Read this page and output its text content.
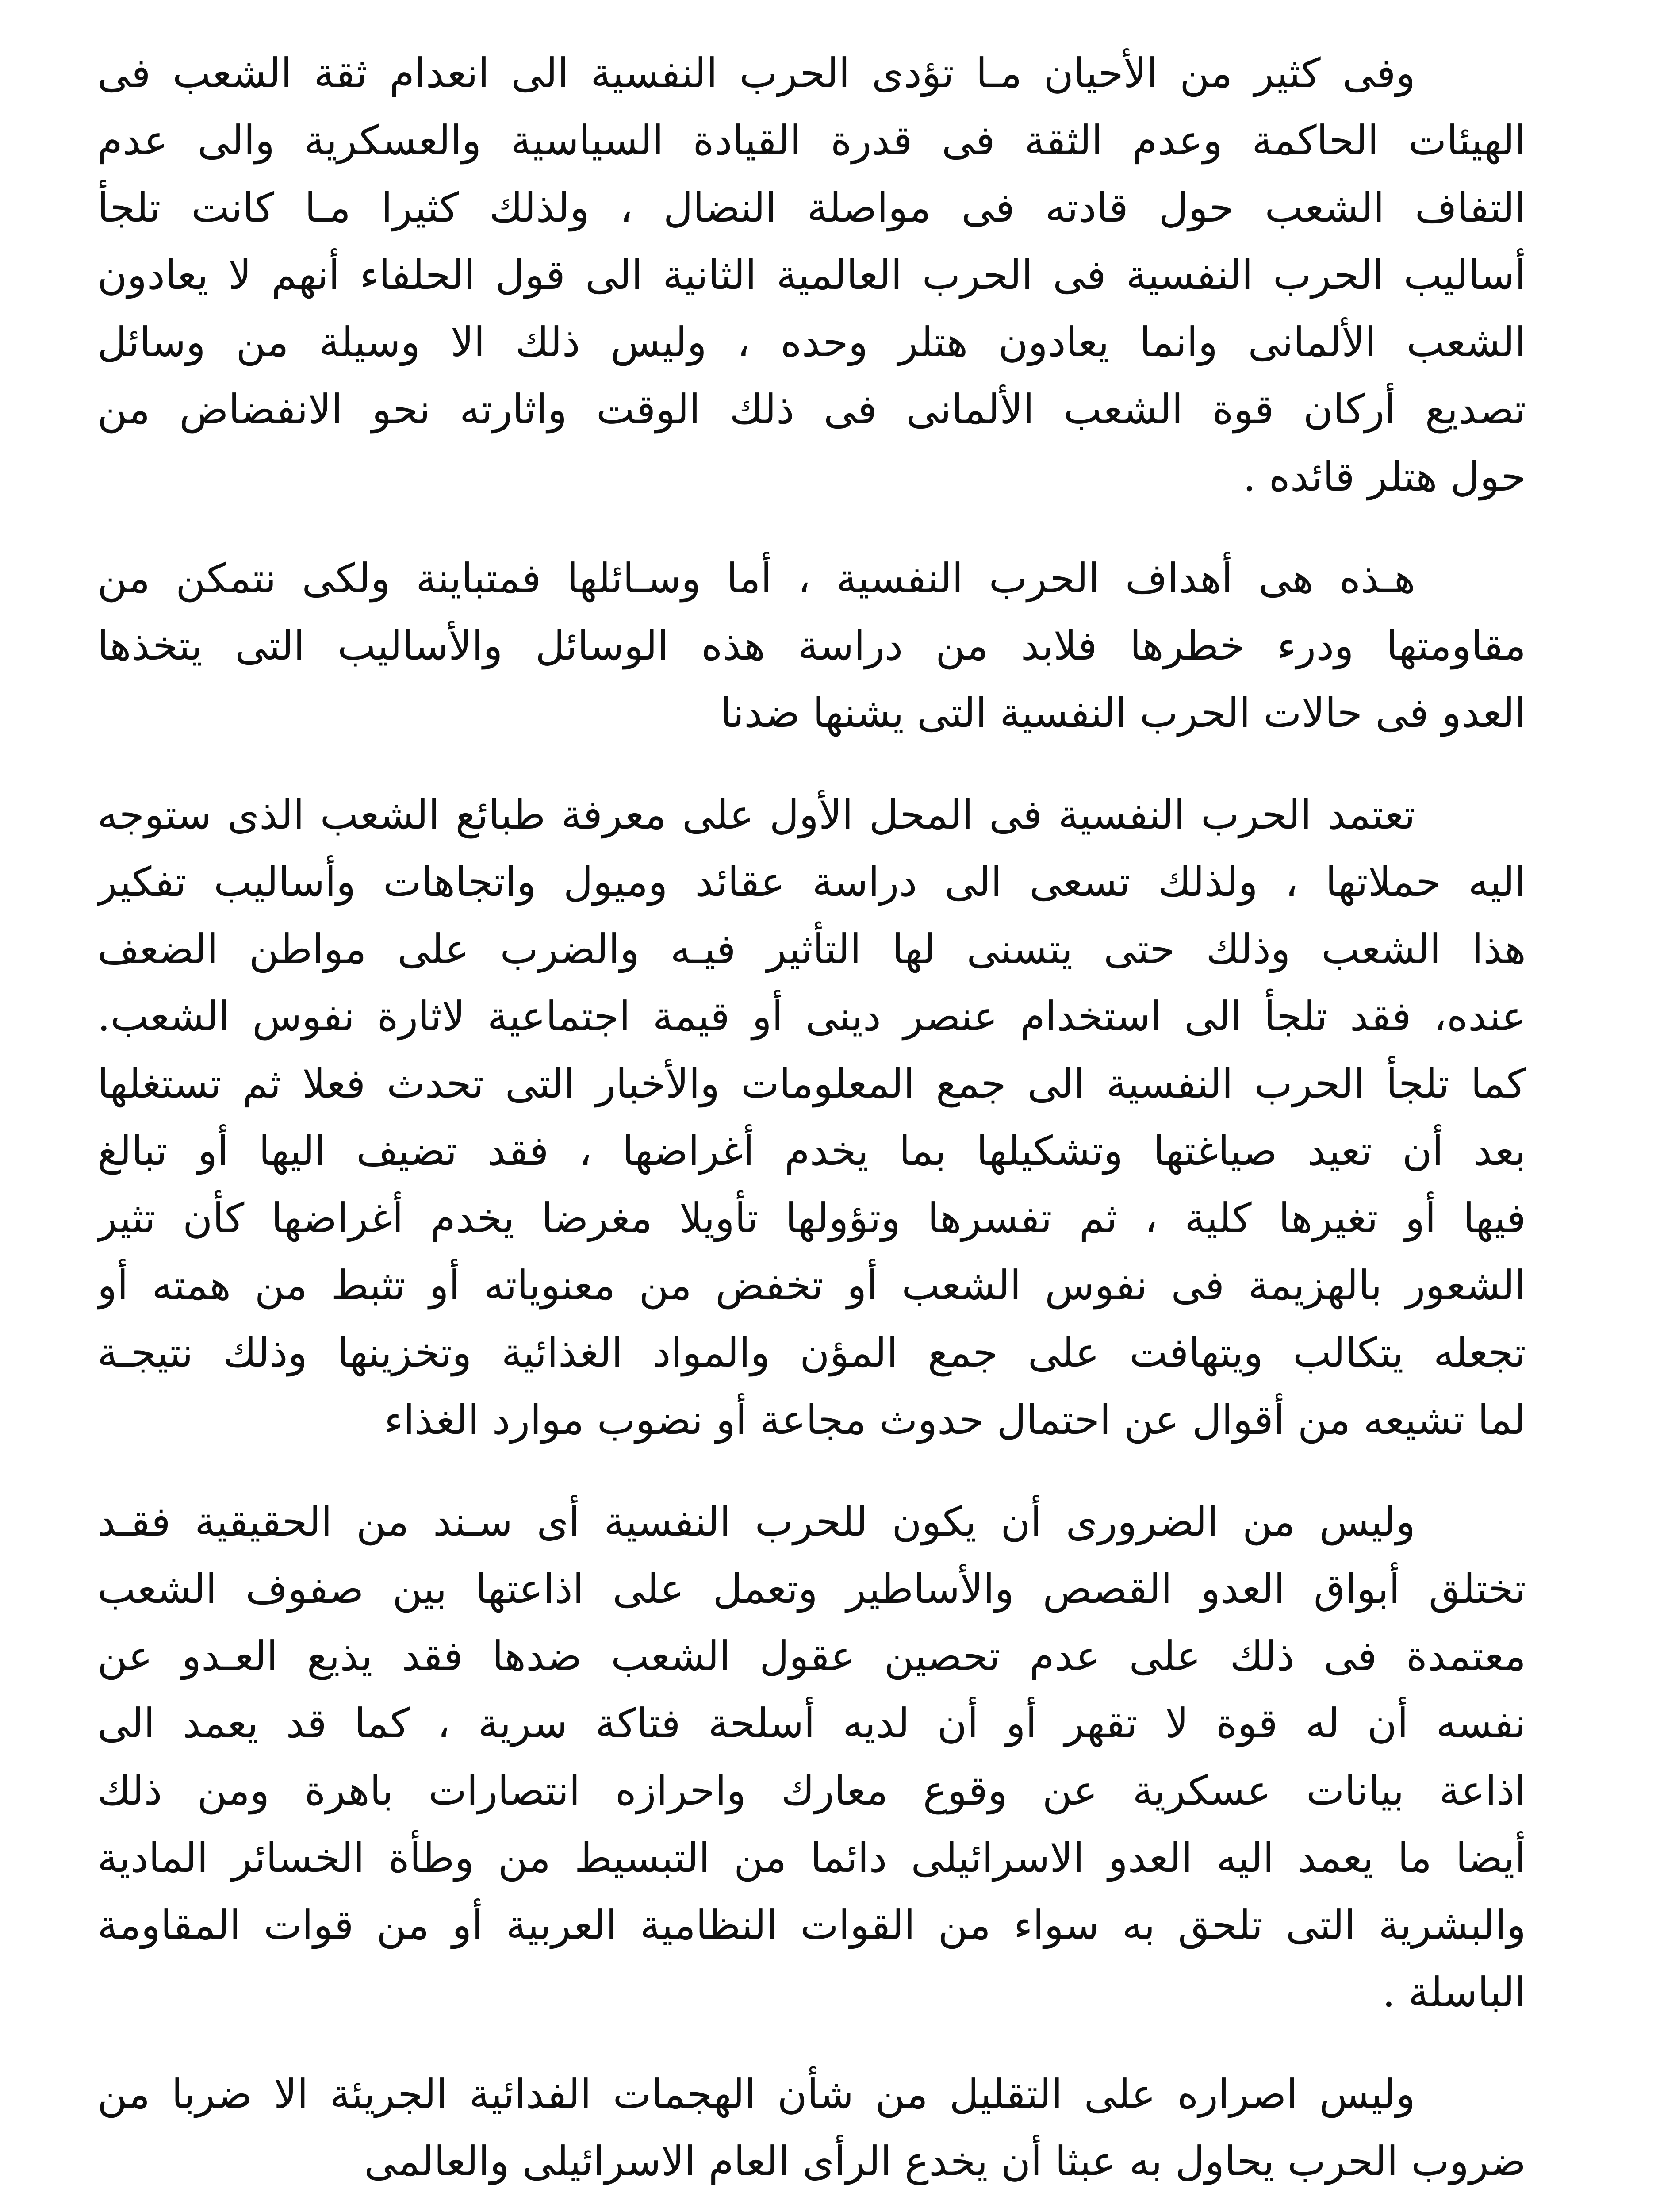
وفى كثير من الأحيان مـا تؤدى الحرب النفسية الى انعدام ثقة الشعب فى
الهيئات الحاكمة وعدم الثقة فى قدرة القيادة السياسية والعسكرية والى عدم
التفاف الشعب حول قادته فى مواصلة النضال ، ولذلك كثيرا مـا كانت تلجأ
أساليب الحرب النفسية فى الحرب العالمية الثانية الى قول الحلفاء أنهم لا يعادون
الشعب الألمانى وانما يعادون هتلر وحده ، وليس ذلك الا وسيلة من وسائل
تصديع أركان قوة الشعب الألمانى فى ذلك الوقت واثارته نحو الانفضاض من
حول هتلر قائده .
هـذه هى أهداف الحرب النفسية ، أما وسـائلها فمتباينة ولكى نتمكن من
مقاومتها ودرء خطرها فلابد من دراسة هذه الوسائل والأساليب التى يتخذها
العدو فى حالات الحرب النفسية التى يشنها ضدنا
تعتمد الحرب النفسية فى المحل الأول على معرفة طبائع الشعب الذى ستوجه
اليه حملاتها ، ولذلك تسعى الى دراسة عقائد وميول واتجاهات وأساليب تفكير
هذا الشعب وذلك حتى يتسنى لها التأثير فيـه والضرب على مواطن الضعف
عنده، فقد تلجأ الى استخدام عنصر دينى أو قيمة اجتماعية لاثارة نفوس الشعب.
كما تلجأ الحرب النفسية الى جمع المعلومات والأخبار التى تحدث فعلا ثم تستغلها
بعد أن تعيد صياغتها وتشكيلها بما يخدم أغراضها ، فقد تضيف اليها أو تبالغ
فيها أو تغيرها كلية ، ثم تفسرها وتؤولها تأويلا مغرضا يخدم أغراضها كأن تثير
الشعور بالهزيمة فى نفوس الشعب أو تخفض من معنوياته أو تثبط من همته أو
تجعله يتكالب ويتهافت على جمع المؤن والمواد الغذائية وتخزينها وذلك نتيجـة
لما تشيعه من أقوال عن احتمال حدوث مجاعة أو نضوب موارد الغذاء
وليس من الضرورى أن يكون للحرب النفسية أى سـند من الحقيقية فقـد
تختلق أبواق العدو القصص والأساطير وتعمل على اذاعتها بين صفوف الشعب
معتمدة فى ذلك على عدم تحصين عقول الشعب ضدها فقد يذيع العـدو عن
نفسه أن له قوة لا تقهر أو أن لديه أسلحة فتاكة سرية ، كما قد يعمد الى
اذاعة بيانات عسكرية عن وقوع معارك واحرازه انتصارات باهرة ومن ذلك
أيضا ما يعمد اليه العدو الاسرائيلى دائما من التبسيط من وطأة الخسائر المادية
والبشرية التى تلحق به سواء من القوات النظامية العربية أو من قوات المقاومة
الباسلة .
وليس اصراره على التقليل من شأن الهجمات الفدائية الجريئة الا ضربا من
ضروب الحرب يحاول به عبثا أن يخدع الرأى العام الاسرائيلى والعالمى
